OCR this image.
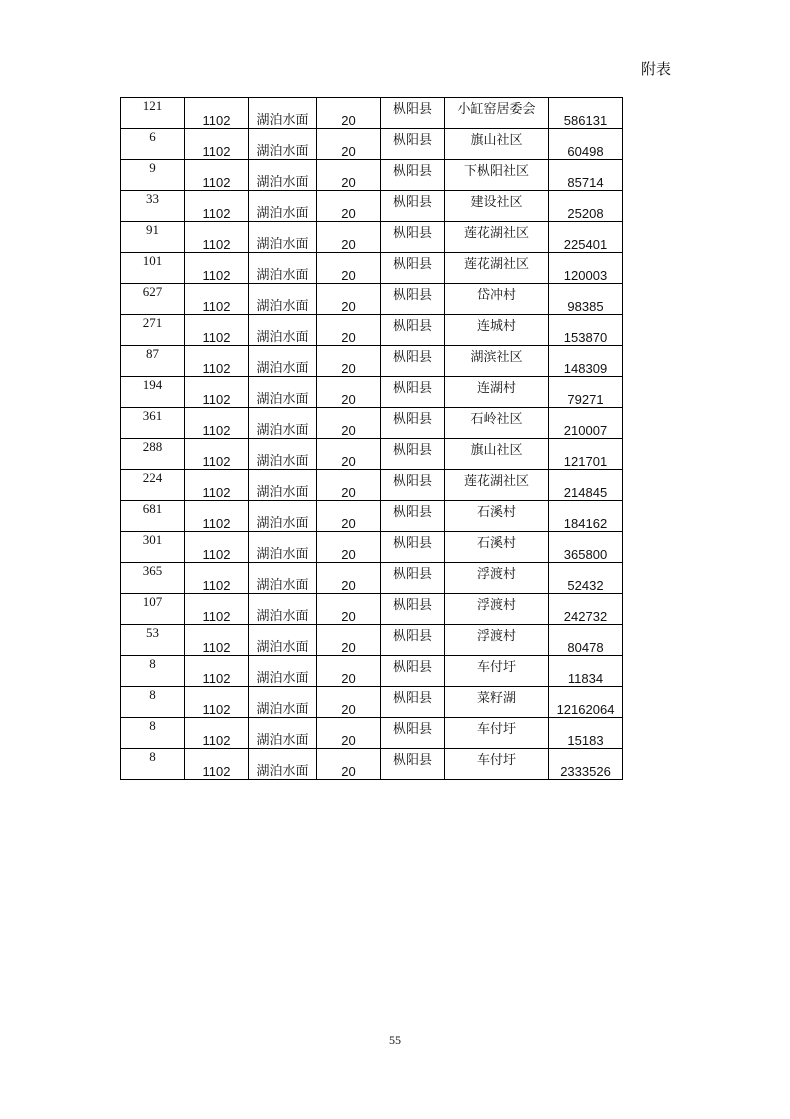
附表
121	1102	湖泊水面	20	枞阳县	小缸窑居委会	586131
6	1102	湖泊水面	20	枞阳县	旗山社区	60498
9	1102	湖泊水面	20	枞阳县	下枞阳社区	85714
33	1102	湖泊水面	20	枞阳县	建设社区	25208
91	1102	湖泊水面	20	枞阳县	莲花湖社区	225401
101	1102	湖泊水面	20	枞阳县	莲花湖社区	120003
627	1102	湖泊水面	20	枞阳县	岱冲村	98385
271	1102	湖泊水面	20	枞阳县	连城村	153870
87	1102	湖泊水面	20	枞阳县	湖滨社区	148309
194	1102	湖泊水面	20	枞阳县	连湖村	79271
361	1102	湖泊水面	20	枞阳县	石岭社区	210007
288	1102	湖泊水面	20	枞阳县	旗山社区	121701
224	1102	湖泊水面	20	枞阳县	莲花湖社区	214845
681	1102	湖泊水面	20	枞阳县	石溪村	184162
301	1102	湖泊水面	20	枞阳县	石溪村	365800
365	1102	湖泊水面	20	枞阳县	浮渡村	52432
107	1102	湖泊水面	20	枞阳县	浮渡村	242732
53	1102	湖泊水面	20	枞阳县	浮渡村	80478
8	1102	湖泊水面	20	枞阳县	车付圩	11834
8	1102	湖泊水面	20	枞阳县	菜籽湖	12162064
8	1102	湖泊水面	20	枞阳县	车付圩	15183
8	1102	湖泊水面	20	枞阳县	车付圩	2333526
55
